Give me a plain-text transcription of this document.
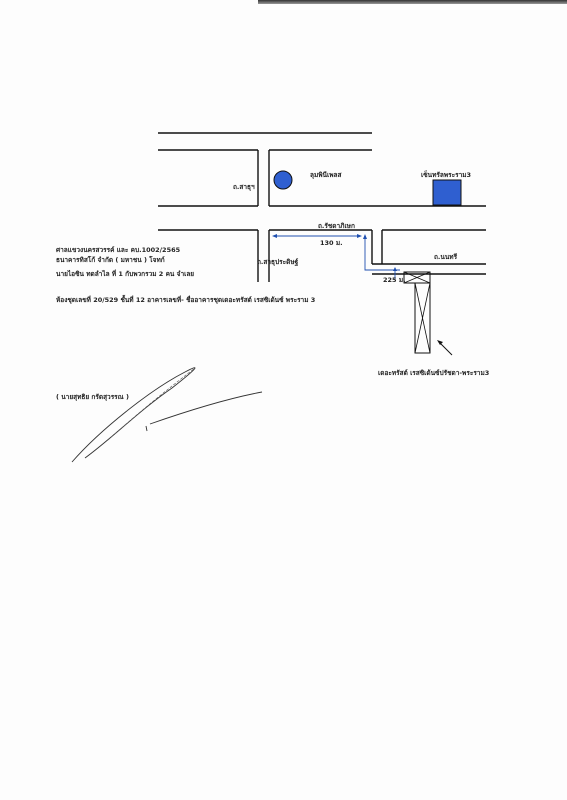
ถ.สาธุฯ
ลุมพินีเพลส	เซ็นทรัลพระราม3
ถ.รัชดาภิเษก
130 ม.
ถ.สาธุประดิษฐ์
ถ.นนทรี
225 ม.
เดอะทรัสต์ เรสซิเด้นซ์ปรัชดา-พระราม3
ศาลแขวงนครสวรรค์ และ คบ.1002/2565
ธนาคารทิสโก้ จำกัด ( มหาชน ) โจทก์
นายไอซิน ทดลำไล ที่ 1 กับพวกรวม 2 คน จำเลย
ห้องชุดเลขที่ 20/529 ชั้นที่ 12 อาคารเลขที่- ชื่ออาคารชุดเดอะทรัสต์ เรสซิเด้นซ์ พระราม 3
( นายสุทธิย กรัดสุวรรณ )
